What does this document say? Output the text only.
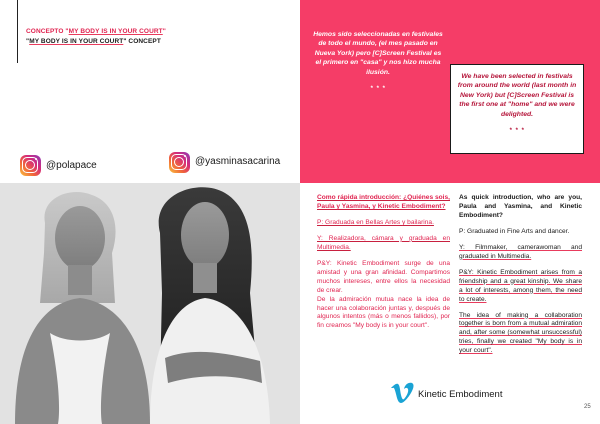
CONCEPTO "MY BODY IS IN YOUR COURT"
"MY BODY IS IN YOUR COURT" CONCEPT
Hemos sido seleccionadas en festivales de todo el mundo, (el mes pasado en Nueva York) pero [C]Screen Festival es el primero en "casa" y nos hizo mucha ilusión.
* * *
We have been selected in festivals from around the world (last month in New York) but [C]Screen Festival is the first one at "home" and we were delighted.
* * *
@polapace	@yasminasacarina

Como rápida introducción: ¿Quiénes sois, Paula y Yasmina, y Kinetic Embodiment?

P: Graduada en Bellas Artes y bailarina.

Y: Realizadora, cámara y graduada en Multimedia.

P&Y: Kinetic Embodiment surge de una amistad y una gran afinidad. Compartimos muchos intereses, entre ellos la necesidad de crear.

De la admiración mutua nace la idea de hacer una colaboración juntas y, después de algunos intentos (más o menos fallidos), por fin creamos "My body is in your court".

As quick introduction, who are you, Paula and Yasmina, and Kinetic Embodiment?

P: Graduated in Fine Arts and dancer.

Y: Filmmaker, camerawoman and graduated in Multimedia.

P&Y: Kinetic Embodiment arises from a friendship and a great kinship. We share a lot of interests, among them, the need to create.

The idea of making a collaboration together is born from a mutual admiration and, after some (somewhat unsuccessful) tries, finally we created "My body is in your court".

Kinetic Embodiment
25
